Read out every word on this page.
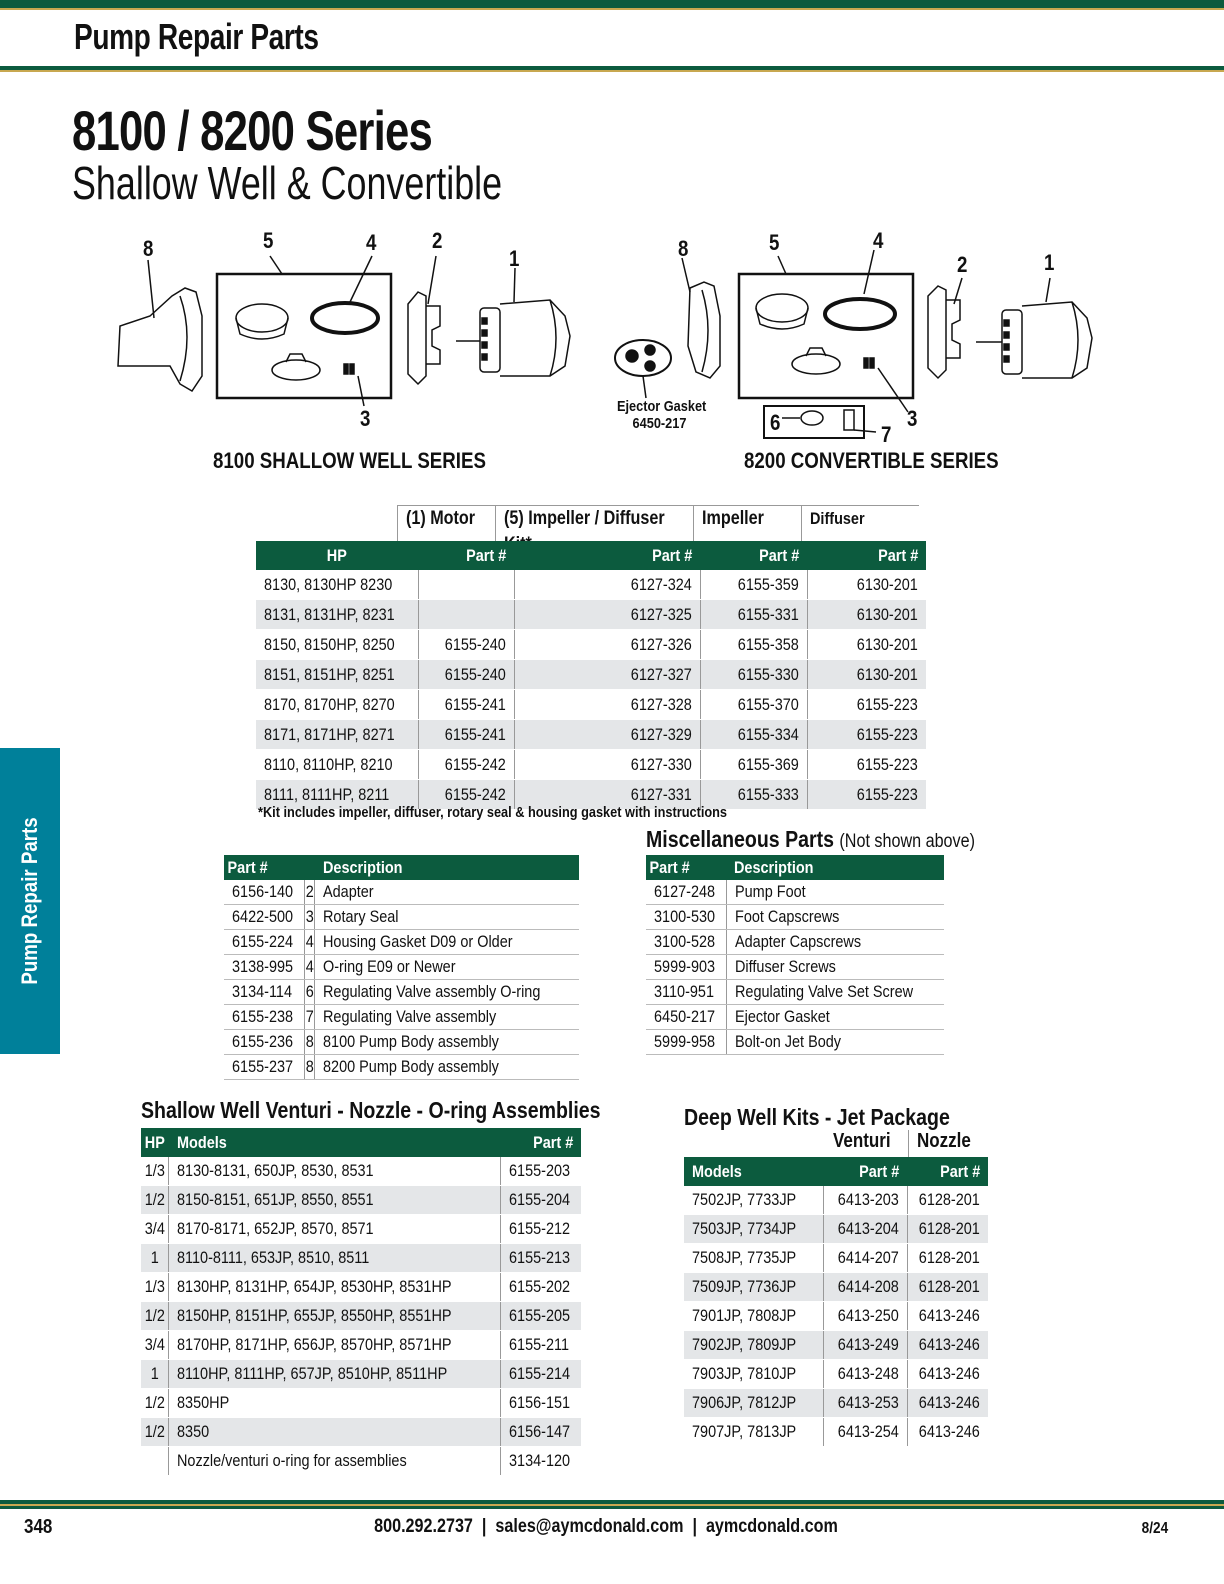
Pump Repair Parts
8100 / 8200 Series
Shallow Well & Convertible
Pump Repair Parts
8	5	4	2
1
3
8100 SHALLOW WELL SERIES
8	5	4
2	1
3
6	7
Ejector Gasket
6450-217
8200 CONVERTIBLE SERIES
(1) Motor	(5) Impeller / Diffuser	Impeller	Diffuser
HP	Part #	Part #	Part #	Part #
8130, 8130HP 8230		6127-324	6155-359	6130-201
8131, 8131HP, 8231		6127-325	6155-331	6130-201
8150, 8150HP, 8250	6155-240	6127-326	6155-358	6130-201
8151, 8151HP, 8251	6155-240	6127-327	6155-330	6130-201
8170, 8170HP, 8270	6155-241	6127-328	6155-370	6155-223
8171, 8171HP, 8271	6155-241	6127-329	6155-334	6155-223
8110, 8110HP, 8210	6155-242	6127-330	6155-369	6155-223
8111, 8111HP, 8211	6155-242	6127-331	6155-333	6155-223
*Kit includes impeller, diffuser, rotary seal & housing gasket with instructions
Part #		Description
6156-140	2	Adapter
6422-500	3	Rotary Seal
6155-224	4	Housing Gasket D09 or Older
3138-995	4	O-ring E09 or Newer
3134-114	6	Regulating Valve assembly O-ring
6155-238	7	Regulating Valve assembly
6155-236	8	8100 Pump Body assembly
6155-237	8	8200 Pump Body assembly
Miscellaneous Parts (Not shown above)
Part #	Description
6127-248	Pump Foot
3100-530	Foot Capscrews
3100-528	Adapter Capscrews
5999-903	Diffuser Screws
3110-951	Regulating Valve Set Screw
6450-217	Ejector Gasket
5999-958	Bolt-on Jet Body
Shallow Well Venturi - Nozzle - O-ring Assemblies
HP	Models	Part #
1/3	8130-8131, 650JP, 8530, 8531	6155-203
1/2	8150-8151, 651JP, 8550, 8551	6155-204
3/4	8170-8171, 652JP, 8570, 8571	6155-212
1	8110-8111, 653JP, 8510, 8511	6155-213
1/3	8130HP, 8131HP, 654JP, 8530HP, 8531HP	6155-202
1/2	8150HP, 8151HP, 655JP, 8550HP, 8551HP	6155-205
3/4	8170HP, 8171HP, 656JP, 8570HP, 8571HP	6155-211
1	8110HP, 8111HP, 657JP, 8510HP, 8511HP	6155-214
1/2	8350HP	6156-151
1/2	8350	6156-147
	Nozzle/venturi o-ring for assemblies	3134-120
Deep Well Kits - Jet Package
Venturi Nozzle
Models	Part #	Part #
7502JP, 7733JP	6413-203	6128-201
7503JP, 7734JP	6413-204	6128-201
7508JP, 7735JP	6414-207	6128-201
7509JP, 7736JP	6414-208	6128-201
7901JP, 7808JP	6413-250	6413-246
7902JP, 7809JP	6413-249	6413-246
7903JP, 7810JP	6413-248	6413-246
7906JP, 7812JP	6413-253	6413-246
7907JP, 7813JP	6413-254	6413-246
348	800.292.2737  |  sales@aymcdonald.com  |  aymcdonald.com	8/24
